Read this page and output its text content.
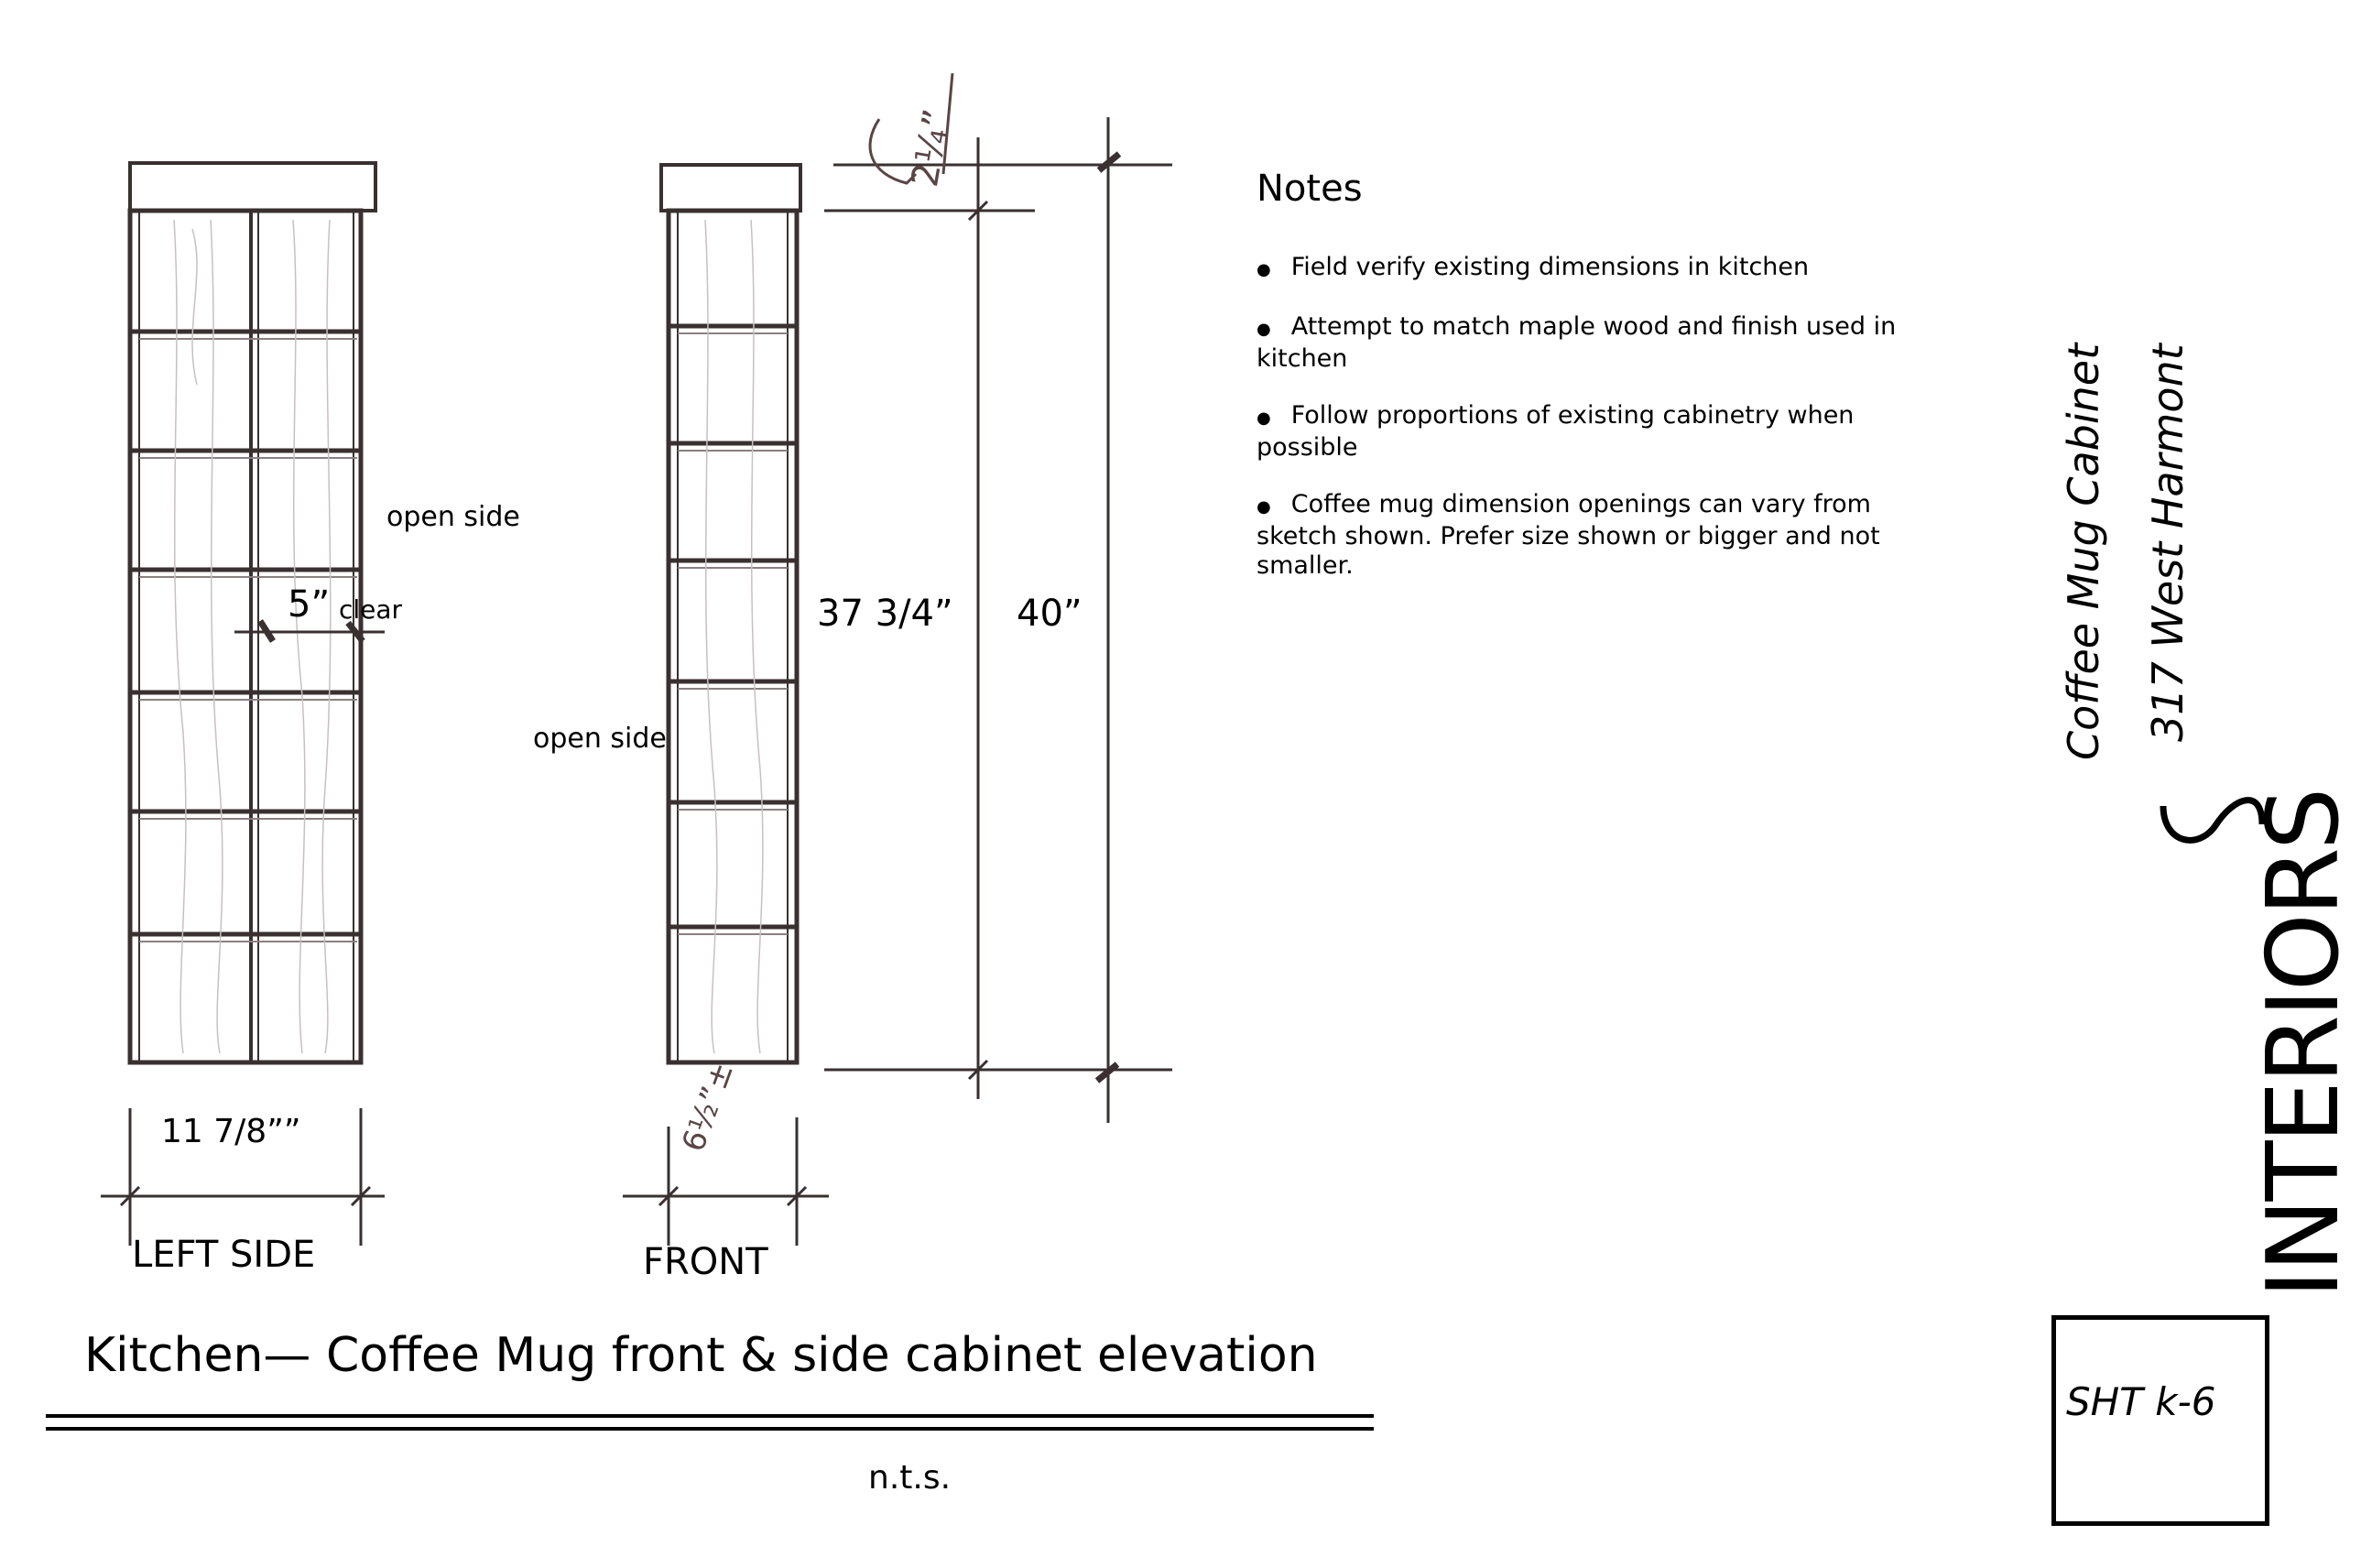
open side
open side
5” clear	37 3/4” 40”
11 7/8””	6½”±
2¼”
LEFT SIDE	FRONT
Notes
● Field verify existing dimensions in kitchen
● Attempt to match maple wood and finish used in kitchen
● Follow proportions of existing cabinetry when possible
● Coffee mug dimension openings can vary from sketch shown. Prefer size shown or bigger and not smaller.
Kitchen— Coffee Mug front & side cabinet elevation
n.t.s.
Coffee Mug Cabinet 317 West Harmont
INTERIORS
SHT k-6
